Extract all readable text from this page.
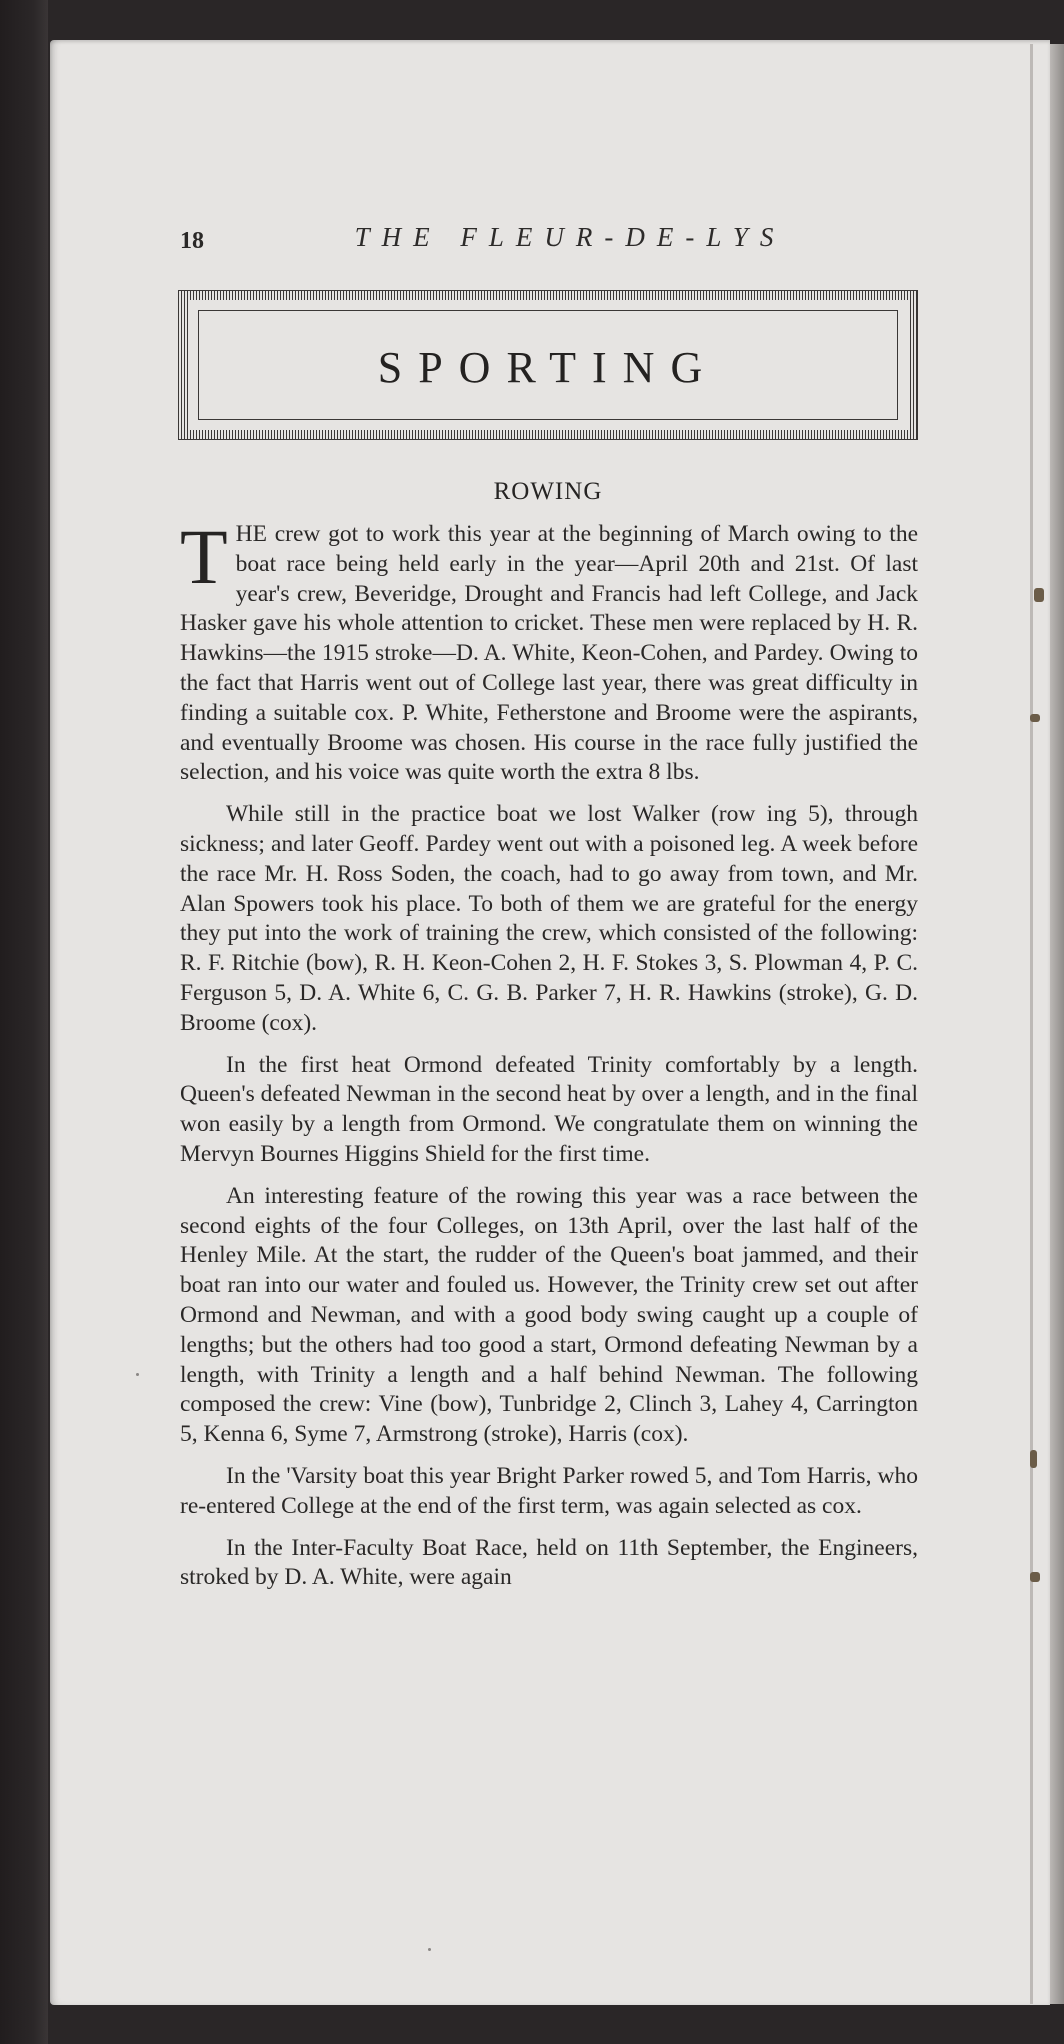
18	THE FLEUR-DE-LYS
SPORTING
ROWING

THE crew got to work this year at the beginning of March owing to the boat race being held early in the year—April 20th and 21st. Of last year's crew, Beveridge, Drought and Francis had left College, and Jack Hasker gave his whole attention to cricket. These men were replaced by H. R. Hawkins—the 1915 stroke—D. A. White, Keon-Cohen, and Pardey. Owing to the fact that Harris went out of College last year, there was great difficulty in finding a suitable cox. P. White, Fetherstone and Broome were the aspirants, and eventually Broome was chosen. His course in the race fully justified the selection, and his voice was quite worth the extra 8 lbs.

While still in the practice boat we lost Walker (row ing 5), through sickness; and later Geoff. Pardey went out with a poisoned leg. A week before the race Mr. H. Ross Soden, the coach, had to go away from town, and Mr. Alan Spowers took his place. To both of them we are grateful for the energy they put into the work of training the crew, which consisted of the following: R. F. Ritchie (bow), R. H. Keon-Cohen 2, H. F. Stokes 3, S. Plowman 4, P. C. Ferguson 5, D. A. White 6, C. G. B. Parker 7, H. R. Hawkins (stroke), G. D. Broome (cox).

In the first heat Ormond defeated Trinity comfortably by a length. Queen's defeated Newman in the second heat by over a length, and in the final won easily by a length from Ormond. We congratulate them on winning the Mervyn Bournes Higgins Shield for the first time.

An interesting feature of the rowing this year was a race between the second eights of the four Colleges, on 13th April, over the last half of the Henley Mile. At the start, the rudder of the Queen's boat jammed, and their boat ran into our water and fouled us. However, the Trinity crew set out after Ormond and Newman, and with a good body swing caught up a couple of lengths; but the others had too good a start, Ormond defeating Newman by a length, with Trinity a length and a half behind Newman. The following composed the crew: Vine (bow), Tunbridge 2, Clinch 3, Lahey 4, Carrington 5, Kenna 6, Syme 7, Armstrong (stroke), Harris (cox).

In the 'Varsity boat this year Bright Parker rowed 5, and Tom Harris, who re-entered College at the end of the first term, was again selected as cox.

In the Inter-Faculty Boat Race, held on 11th September, the Engineers, stroked by D. A. White, were again
